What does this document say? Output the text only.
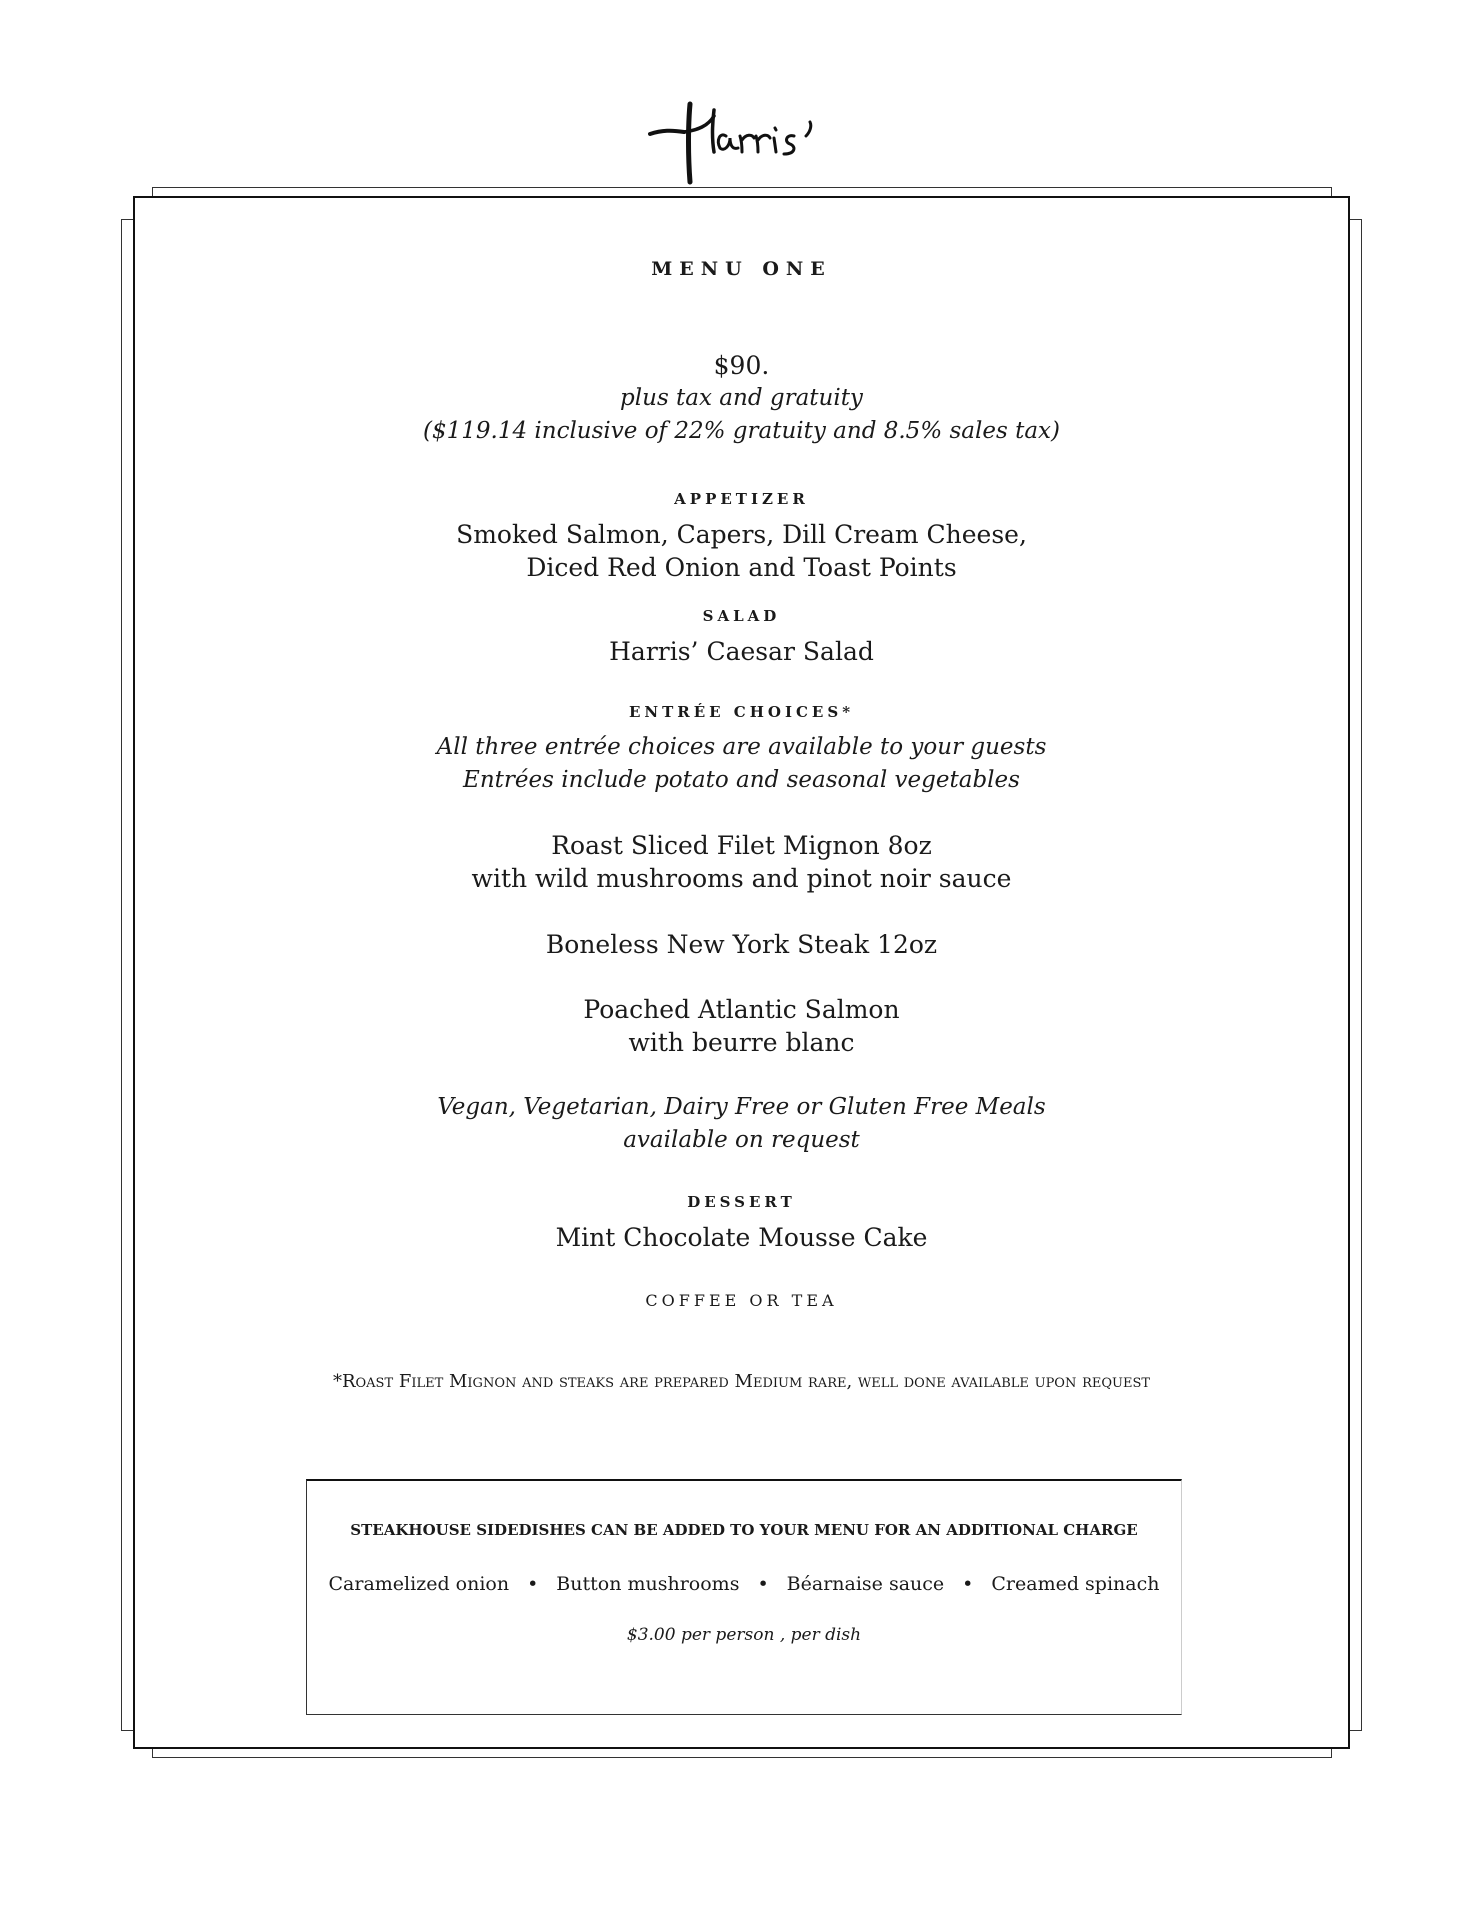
MENU ONE

$90.

plus tax and gratuity

($119.14 inclusive of 22% gratuity and 8.5% sales tax)

APPETIZER

Smoked Salmon, Capers, Dill Cream Cheese,

Diced Red Onion and Toast Points

SALAD

Harris’ Caesar Salad

ENTRÉE CHOICES*

All three entrée choices are available to your guests

Entrées include potato and seasonal vegetables

Roast Sliced Filet Mignon 8oz

with wild mushrooms and pinot noir sauce

Boneless New York Steak 12oz

Poached Atlantic Salmon

with beurre blanc

Vegan, Vegetarian, Dairy Free or Gluten Free Meals

available on request

DESSERT

Mint Chocolate Mousse Cake

COFFEE OR TEA

*Roast Filet Mignon and steaks are prepared Medium rare, well done available upon request

STEAKHOUSE SIDEDISHES CAN BE ADDED TO YOUR MENU FOR AN ADDITIONAL CHARGE
Caramelized onion • Button mushrooms • Béarnaise sauce • Creamed spinach
$3.00 per person , per dish
